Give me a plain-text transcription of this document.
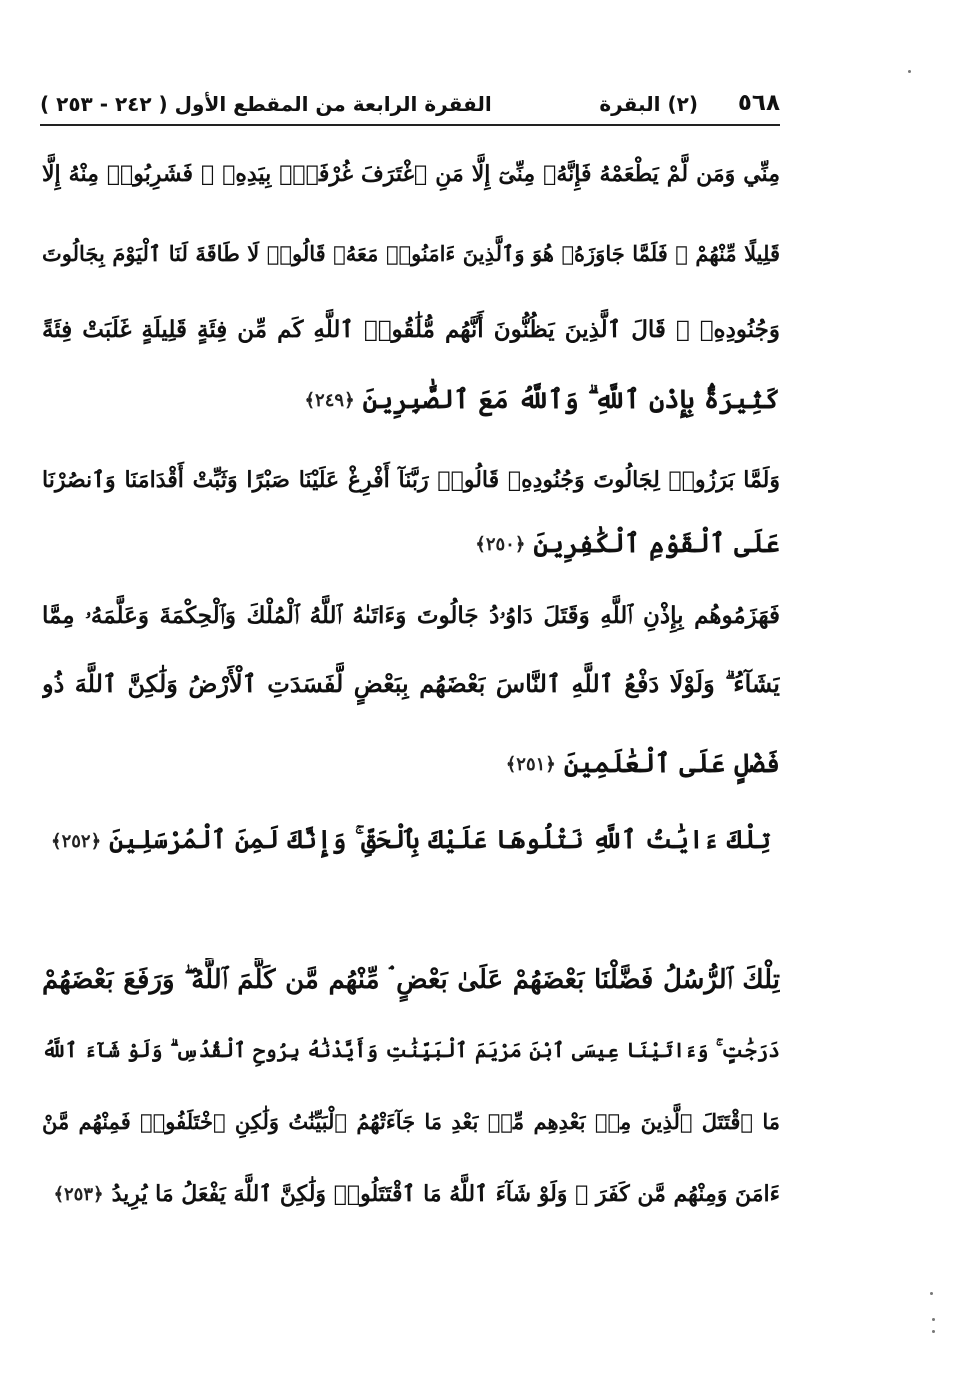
٥٦٨
(٢) البقرة
الفقرة الرابعة من المقطع الأول ( ٢٤٢ - ٢٥٣ )
مِنِّي وَمَن لَّمْ يَطْعَمْهُ فَإِنَّهُۥ مِنِّىٓ إِلَّا مَنِ ٱغْتَرَفَ غُرْفَةًۢ بِيَدِهِۦ ۚ فَشَرِبُوا۟ مِنْهُ إِلَّا
قَلِيلًا مِّنْهُمْ ۚ فَلَمَّا جَاوَزَهُۥ هُوَ وَٱلَّذِينَ ءَامَنُوا۟ مَعَهُۥ قَالُوا۟ لَا طَاقَةَ لَنَا ٱلْيَوْمَ بِجَالُوتَ
وَجُنُودِهِۦ ۚ قَالَ ٱلَّذِينَ يَظُنُّونَ أَنَّهُم مُّلَٰقُوا۟ ٱللَّهِ كَم مِّن فِئَةٍ قَلِيلَةٍ غَلَبَتْ فِئَةً
كَثِيرَةًۢ بِإِذْنِ ٱللَّهِ ۗ وَٱللَّهُ مَعَ ٱلصَّٰبِرِينَ﴿٢٤٩﴾
وَلَمَّا بَرَزُوا۟ لِجَالُوتَ وَجُنُودِهِۦ قَالُوا۟ رَبَّنَآ أَفْرِغْ عَلَيْنَا صَبْرًا وَثَبِّتْ أَقْدَامَنَا وَٱنصُرْنَا
عَلَى ٱلْقَوْمِ ٱلْكَٰفِرِينَ﴿٢٥٠﴾
فَهَزَمُوهُم بِإِذْنِ ٱللَّهِ وَقَتَلَ دَاوُۥدُ جَالُوتَ وَءَاتَىٰهُ ٱللَّهُ ٱلْمُلْكَ وَٱلْحِكْمَةَ وَعَلَّمَهُۥ مِمَّا
يَشَآءُ ۗ وَلَوْلَا دَفْعُ ٱللَّهِ ٱلنَّاسَ بَعْضَهُم بِبَعْضٍ لَّفَسَدَتِ ٱلْأَرْضُ وَلَٰكِنَّ ٱللَّهَ ذُو
فَضْلٍ عَلَى ٱلْعَٰلَمِينَ﴿٢٥١﴾
تِلْكَ ءَايَٰتُ ٱللَّهِ نَتْلُوهَا عَلَيْكَ بِٱلْحَقِّ ۚ وَإِنَّكَ لَمِنَ ٱلْمُرْسَلِينَ﴿٢٥٢﴾
تِلْكَ ٱلرُّسُلُ فَضَّلْنَا بَعْضَهُمْ عَلَىٰ بَعْضٍ ۘ مِّنْهُم مَّن كَلَّمَ ٱللَّهُ ۖ وَرَفَعَ بَعْضَهُمْ
دَرَجَٰتٍ ۚ وَءَاتَيْنَا عِيسَى ٱبْنَ مَرْيَمَ ٱلْبَيِّنَٰتِ وَأَيَّدْنَٰهُ بِرُوحِ ٱلْقُدُسِ ۗ وَلَوْ شَآءَ ٱللَّهُ
مَا ٱقْتَتَلَ ٱلَّذِينَ مِنۢ بَعْدِهِم مِّنۢ بَعْدِ مَا جَآءَتْهُمُ ٱلْبَيِّنَٰتُ وَلَٰكِنِ ٱخْتَلَفُوا۟ فَمِنْهُم مَّنْ
ءَامَنَ وَمِنْهُم مَّن كَفَرَ ۚ وَلَوْ شَآءَ ٱللَّهُ مَا ٱقْتَتَلُوا۟ وَلَٰكِنَّ ٱللَّهَ يَفْعَلُ مَا يُرِيدُ﴿٢٥٣﴾
